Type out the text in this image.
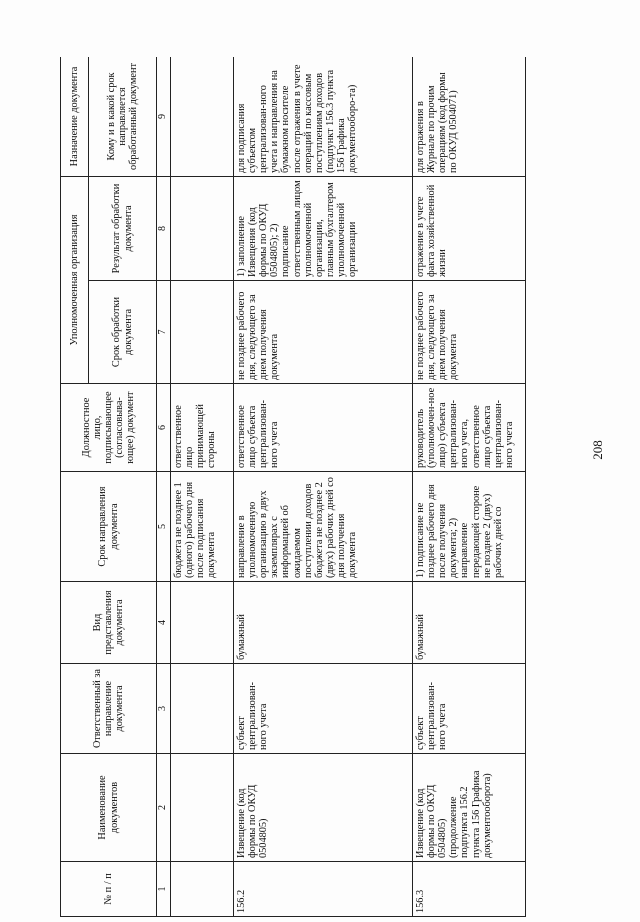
208
№ п / п	Наименование документов	Ответственный за направление документа	Вид представления документа	Срок направления документа	Должностное лицо, подписывающее (согласовыва-ющее) документ	Уполномоченная организация		Назначение документа
						Срок обработки документа	Результат обработки документа	Кому и в какой срок направляется обработанный документ
1	2	3	4	5	6	7	8	9
				бюджета не позднее 1 (одного) рабочего дня после подписания документа	ответственное лицо принимающей стороны			
156.2	Извещение (код формы по ОКУД 0504805)	субъект централизован-ного учета	бумажный	направление в уполномоченную организацию в двух экземплярах с информацией об ожидаемом поступлении доходов бюджета не позднее 2 (двух) рабочих дней со дня получения документа	ответственное лицо субъекта централизован-ного учета	не позднее рабочего дня, следующего за днем получения документа	1) заполнение Извещения (код формы по ОКУД 0504805); 2) подписание ответственным лицом уполномоченной организации, главным бухгалтером уполномоченной организации	для подписания субъектом централизован-ного учета и направления на бумажном носителе после отражения в учете операций по кассовым поступлениям доходов (подпункт 156.3 пункта 156 Графика документооборо-та)
156.3	Извещение (код формы по ОКУД 0504805) (продолжение подпункта 156.2 пункта 156 Графика документооборота)	субъект централизован-ного учета	бумажный	1) подписание не позднее рабочего дня после получения документа; 2) направление передающей стороне не позднее 2 (двух) рабочих дней со	руководитель (уполномочен-ное лицо) субъекта централизован-ного учета, ответственное лицо субъекта централизован-ного учета	не позднее рабочего дня, следующего за днем получения документа	отражение в учете факта хозяйственной жизни	для отражения в Журнале по прочим операциям (код формы по ОКУД 0504071)
